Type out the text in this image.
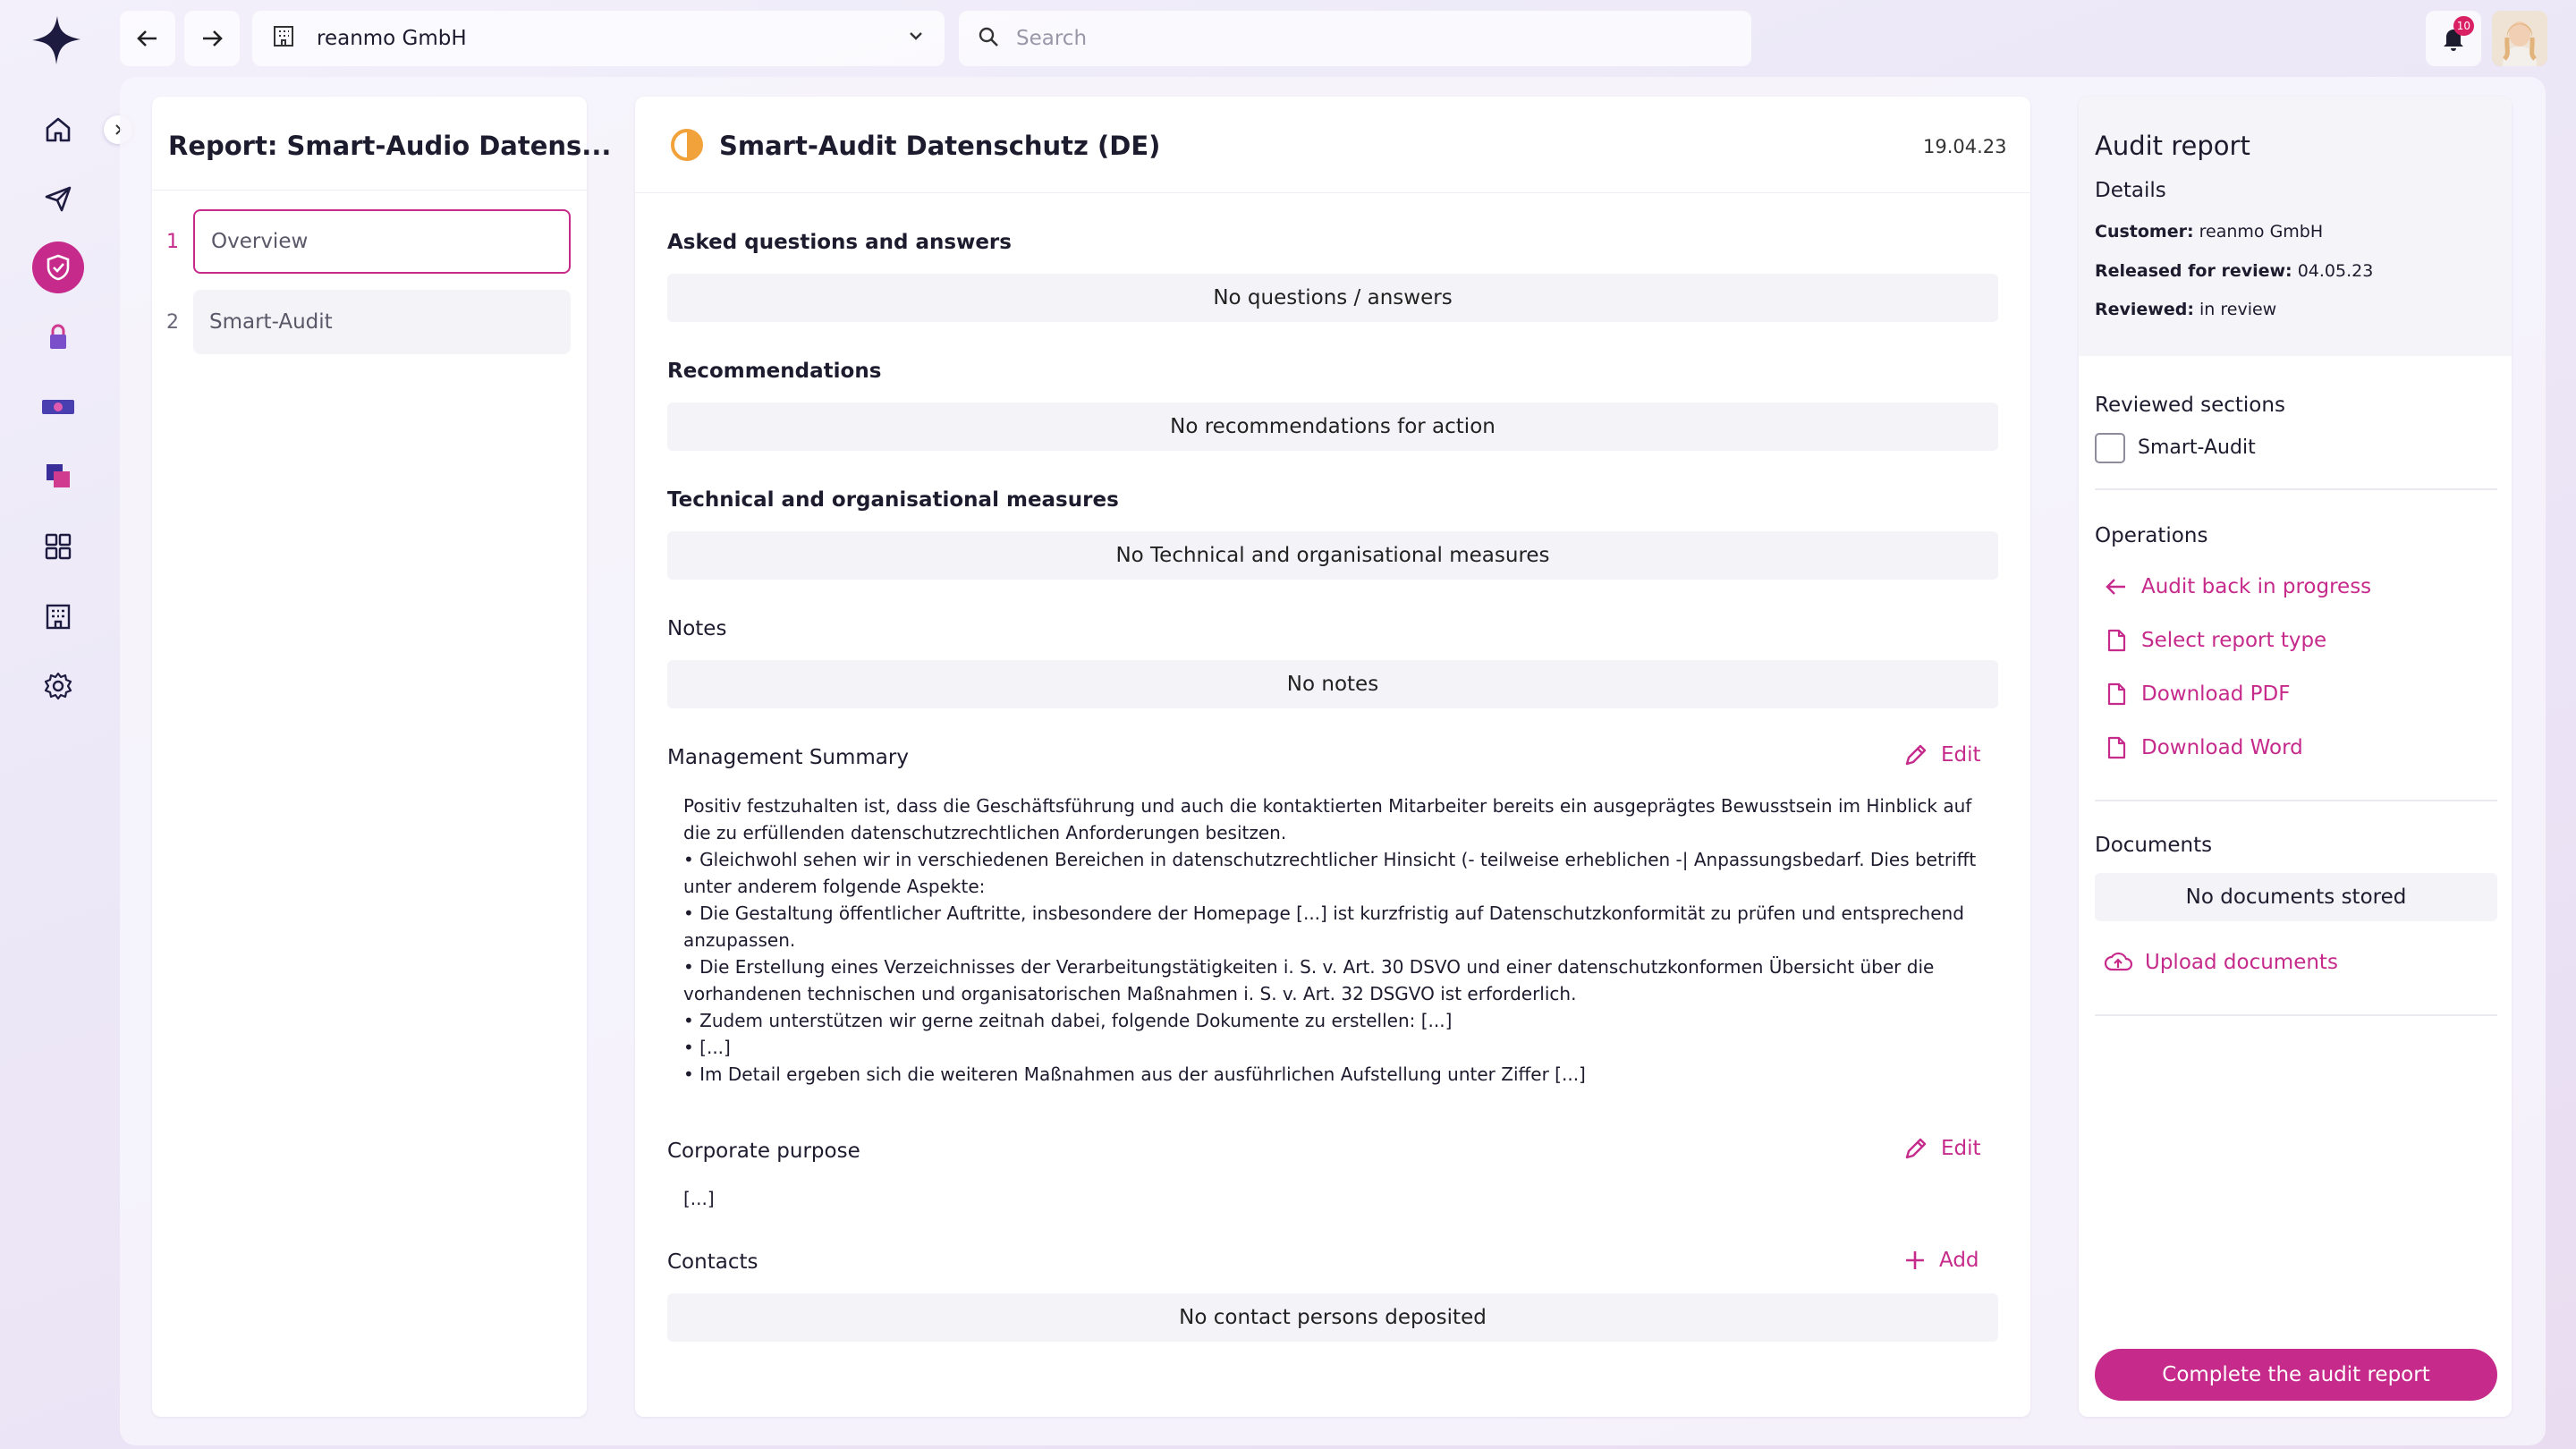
reanmo GmbH
Search
10
Report: Smart-Audio Datens...
1	Overview
2	Smart-Audit
Smart-Audit Datenschutz (DE)	19.04.23
Asked questions and answers
No questions / answers
Recommendations
No recommendations for action
Technical and organisational measures
No Technical and organisational measures
Notes
No notes
Management Summary	Edit
Positiv festzuhalten ist, dass die Geschäftsführung und auch die kontaktierten Mitarbeiter bereits ein ausgeprägtes Bewusstsein im Hinblick auf die zu erfüllenden datenschutzrechtlichen Anforderungen besitzen.
• Gleichwohl sehen wir in verschiedenen Bereichen in datenschutzrechtlicher Hinsicht (- teilweise erheblichen -| Anpassungsbedarf. Dies betrifft unter anderem folgende Aspekte:
• Die Gestaltung öffentlicher Auftritte, insbesondere der Homepage [...] ist kurzfristig auf Datenschutzkonformität zu prüfen und entsprechend anzupassen.
• Die Erstellung eines Verzeichnisses der Verarbeitungstätigkeiten i. S. v. Art. 30 DSVO und einer datenschutzkonformen Übersicht über die vorhandenen technischen und organisatorischen Maßnahmen i. S. v. Art. 32 DSGVO ist erforderlich.
• Zudem unterstützen wir gerne zeitnah dabei, folgende Dokumente zu erstellen: [...]
• [...]
• Im Detail ergeben sich die weiteren Maßnahmen aus der ausführlichen Aufstellung unter Ziffer [...]
Corporate purpose	Edit
[...]
Contacts	Add
No contact persons deposited
Audit report
Details
Customer: reanmo GmbH
Released for review: 04.05.23
Reviewed: in review
Reviewed sections
Smart-Audit
Operations
Audit back in progress
Select report type
Download PDF
Download Word
Documents
No documents stored
Upload documents
Complete the audit report
